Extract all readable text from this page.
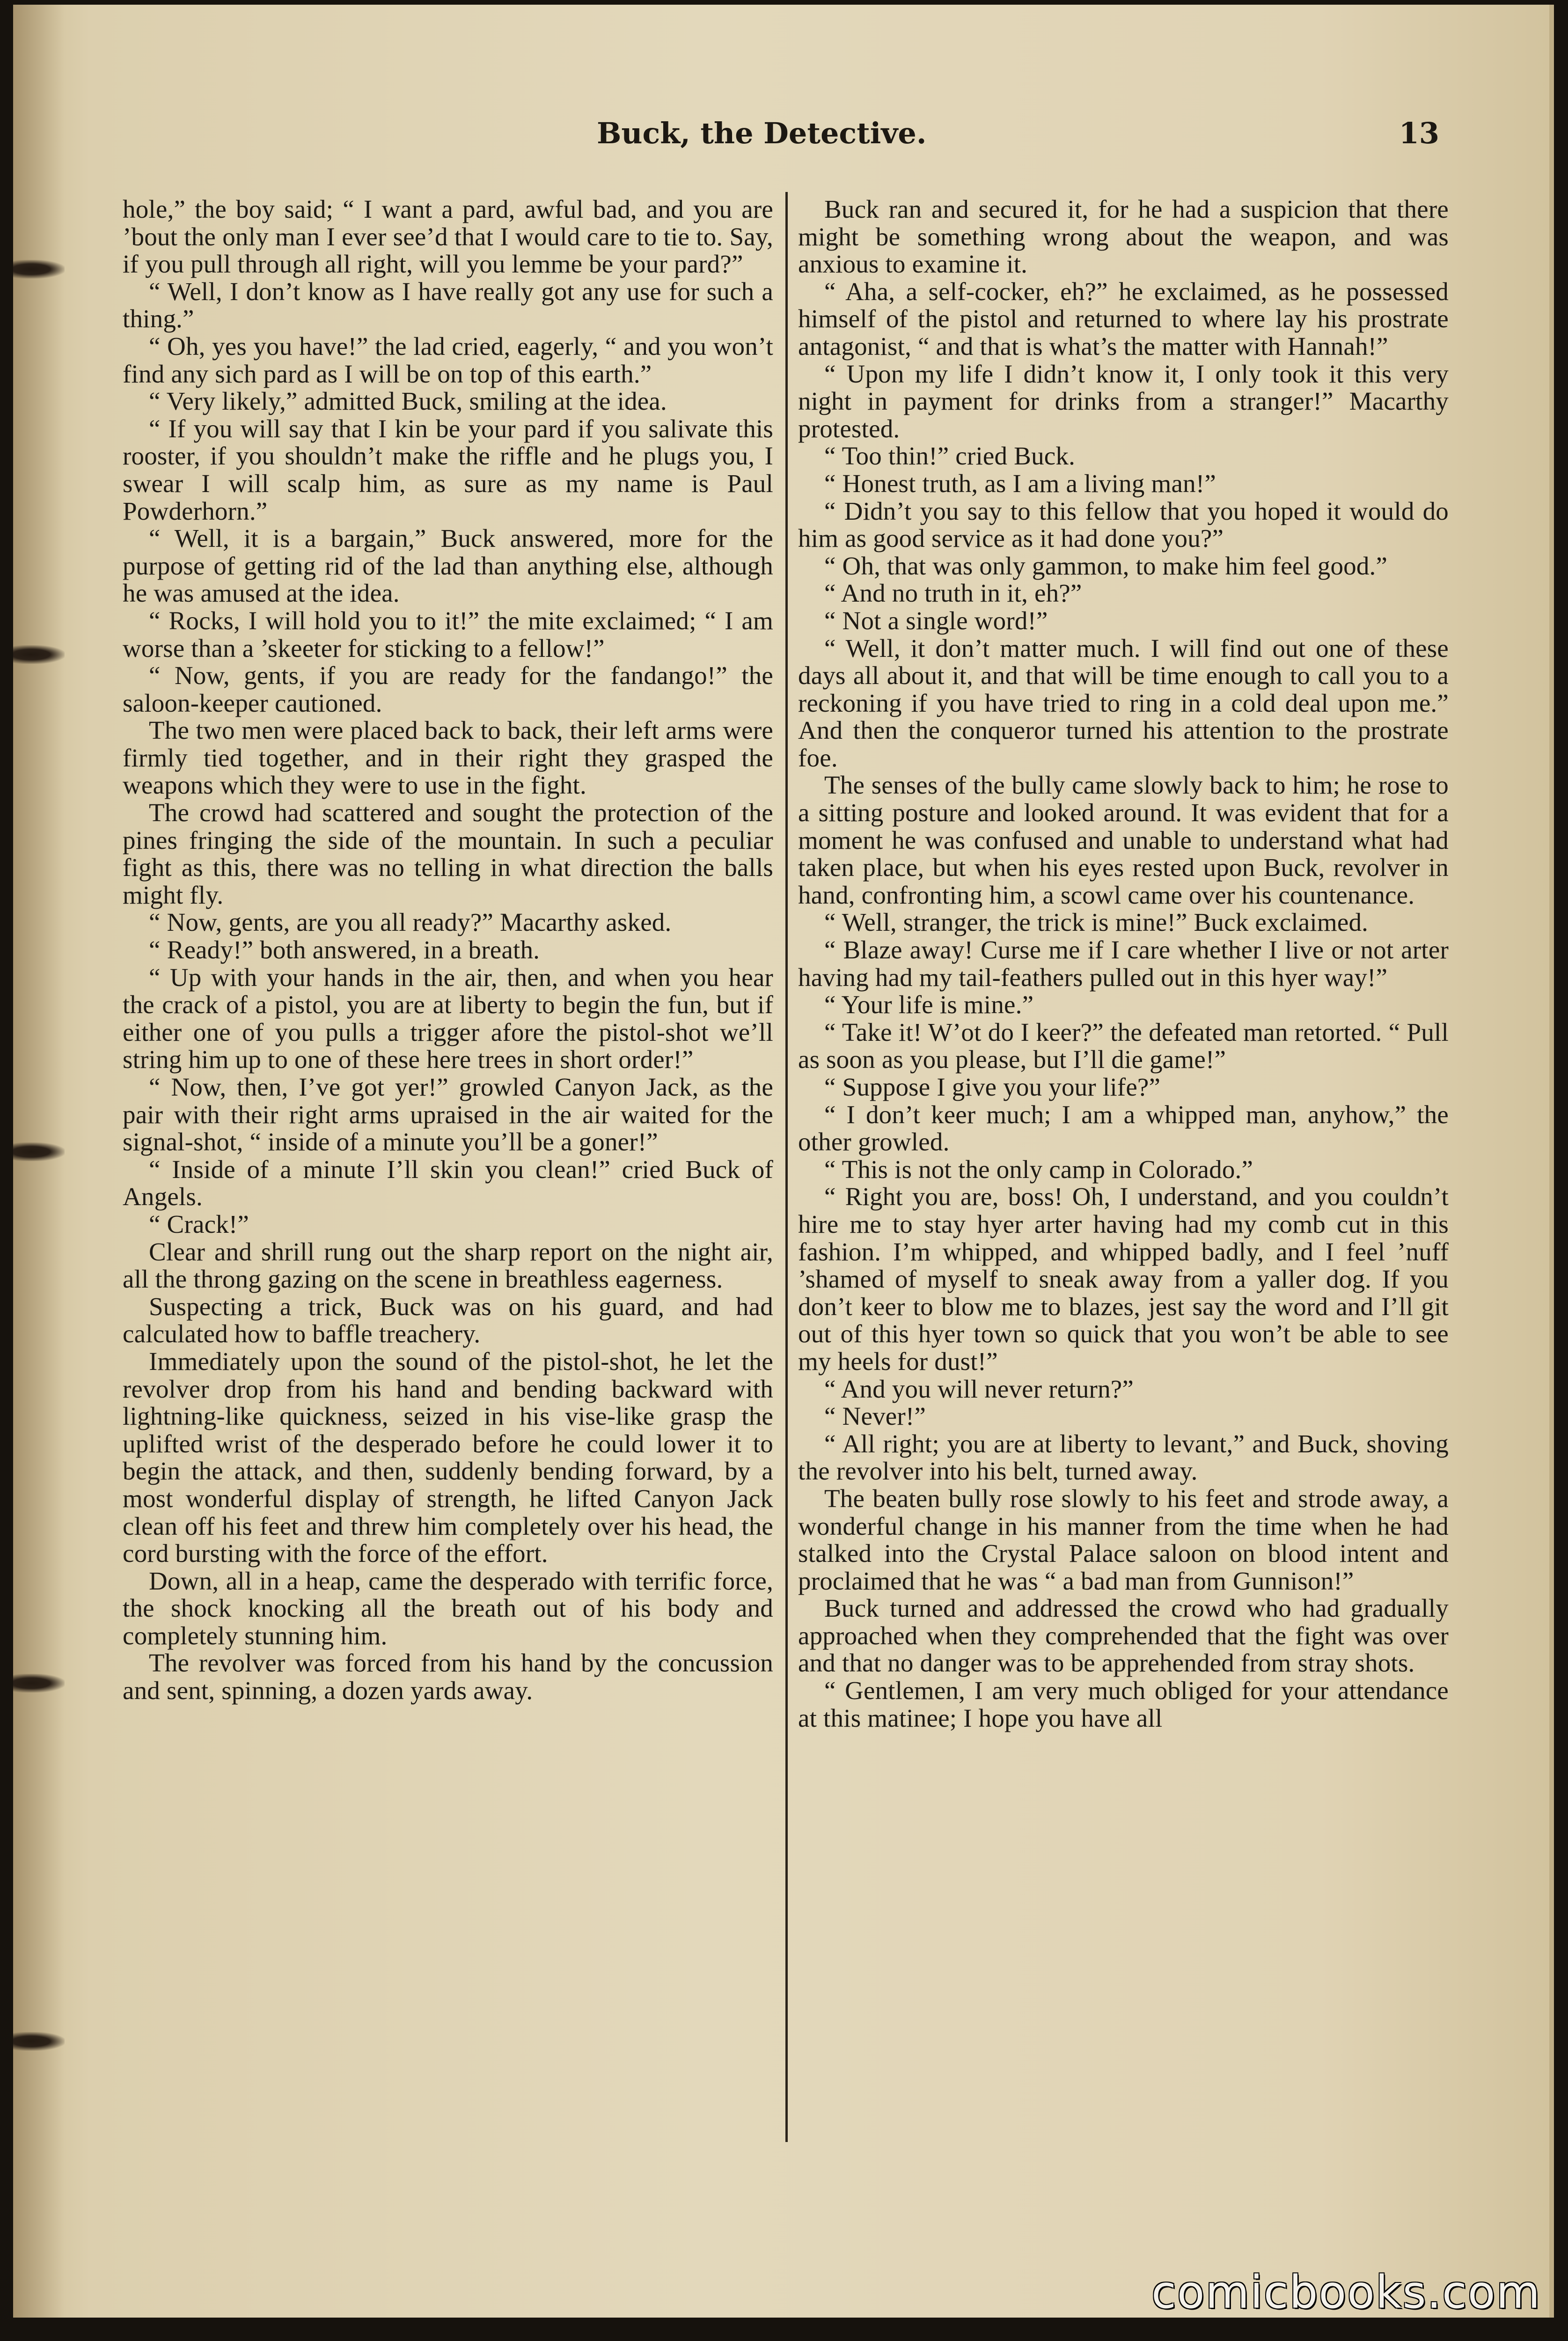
Buck, the Detective.	13

hole,” the boy said; “ I want a pard, awful bad, and you are ’bout the only man I ever see’d that I would care to tie to. Say, if you pull through all right, will you lemme be your pard?”

“ Well, I don’t know as I have really got any use for such a thing.”

“ Oh, yes you have!” the lad cried, eagerly, “ and you won’t find any sich pard as I will be on top of this earth.”

“ Very likely,” admitted Buck, smiling at the idea.

“ If you will say that I kin be your pard if you salivate this rooster, if you shouldn’t make the riffle and he plugs you, I swear I will scalp him, as sure as my name is Paul Powderhorn.”

“ Well, it is a bargain,” Buck answered, more for the purpose of getting rid of the lad than anything else, although he was amused at the idea.

“ Rocks, I will hold you to it!” the mite exclaimed; “ I am worse than a ’skeeter for sticking to a fellow!”

“ Now, gents, if you are ready for the fandango!” the saloon-keeper cautioned.

The two men were placed back to back, their left arms were firmly tied together, and in their right they grasped the weapons which they were to use in the fight.

The crowd had scattered and sought the protection of the pines fringing the side of the mountain. In such a peculiar fight as this, there was no telling in what direction the balls might fly.

“ Now, gents, are you all ready?” Macarthy asked.

“ Ready!” both answered, in a breath.

“ Up with your hands in the air, then, and when you hear the crack of a pistol, you are at liberty to begin the fun, but if either one of you pulls a trigger afore the pistol-shot we’ll string him up to one of these here trees in short order!”

“ Now, then, I’ve got yer!” growled Canyon Jack, as the pair with their right arms upraised in the air waited for the signal-shot, “ inside of a minute you’ll be a goner!”

“ Inside of a minute I’ll skin you clean!” cried Buck of Angels.

“ Crack!”

Clear and shrill rung out the sharp report on the night air, all the throng gazing on the scene in breathless eagerness.

Suspecting a trick, Buck was on his guard, and had calculated how to baffle treachery.

Immediately upon the sound of the pistol-shot, he let the revolver drop from his hand and bending backward with lightning-like quickness, seized in his vise-like grasp the uplifted wrist of the desperado before he could lower it to begin the attack, and then, suddenly bending forward, by a most wonderful display of strength, he lifted Canyon Jack clean off his feet and threw him completely over his head, the cord bursting with the force of the effort.

Down, all in a heap, came the desperado with terrific force, the shock knocking all the breath out of his body and completely stunning him.

The revolver was forced from his hand by the concussion and sent, spinning, a dozen yards away.

Buck ran and secured it, for he had a suspicion that there might be something wrong about the weapon, and was anxious to examine it.

“ Aha, a self-cocker, eh?” he exclaimed, as he possessed himself of the pistol and returned to where lay his prostrate antagonist, “ and that is what’s the matter with Hannah!”

“ Upon my life I didn’t know it, I only took it this very night in payment for drinks from a stranger!” Macarthy protested.

“ Too thin!” cried Buck.

“ Honest truth, as I am a living man!”

“ Didn’t you say to this fellow that you hoped it would do him as good service as it had done you?”

“ Oh, that was only gammon, to make him feel good.”

“ And no truth in it, eh?”

“ Not a single word!”

“ Well, it don’t matter much. I will find out one of these days all about it, and that will be time enough to call you to a reckoning if you have tried to ring in a cold deal upon me.” And then the conqueror turned his attention to the prostrate foe.

The senses of the bully came slowly back to him; he rose to a sitting posture and looked around. It was evident that for a moment he was confused and unable to understand what had taken place, but when his eyes rested upon Buck, revolver in hand, confronting him, a scowl came over his countenance.

“ Well, stranger, the trick is mine!” Buck exclaimed.

“ Blaze away! Curse me if I care whether I live or not arter having had my tail-feathers pulled out in this hyer way!”

“ Your life is mine.”

“ Take it! W’ot do I keer?” the defeated man retorted. “ Pull as soon as you please, but I’ll die game!”

“ Suppose I give you your life?”

“ I don’t keer much; I am a whipped man, anyhow,” the other growled.

“ This is not the only camp in Colorado.”

“ Right you are, boss! Oh, I understand, and you couldn’t hire me to stay hyer arter having had my comb cut in this fashion. I’m whipped, and whipped badly, and I feel ’nuff ’shamed of myself to sneak away from a yaller dog. If you don’t keer to blow me to blazes, jest say the word and I’ll git out of this hyer town so quick that you won’t be able to see my heels for dust!”

“ And you will never return?”

“ Never!”

“ All right; you are at liberty to levant,” and Buck, shoving the revolver into his belt, turned away.

The beaten bully rose slowly to his feet and strode away, a wonderful change in his manner from the time when he had stalked into the Crystal Palace saloon on blood intent and proclaimed that he was “ a bad man from Gunnison!”

Buck turned and addressed the crowd who had gradually approached when they comprehended that the fight was over and that no danger was to be apprehended from stray shots.

“ Gentlemen, I am very much obliged for your attendance at this matinee; I hope you have all

comicbooks.com
